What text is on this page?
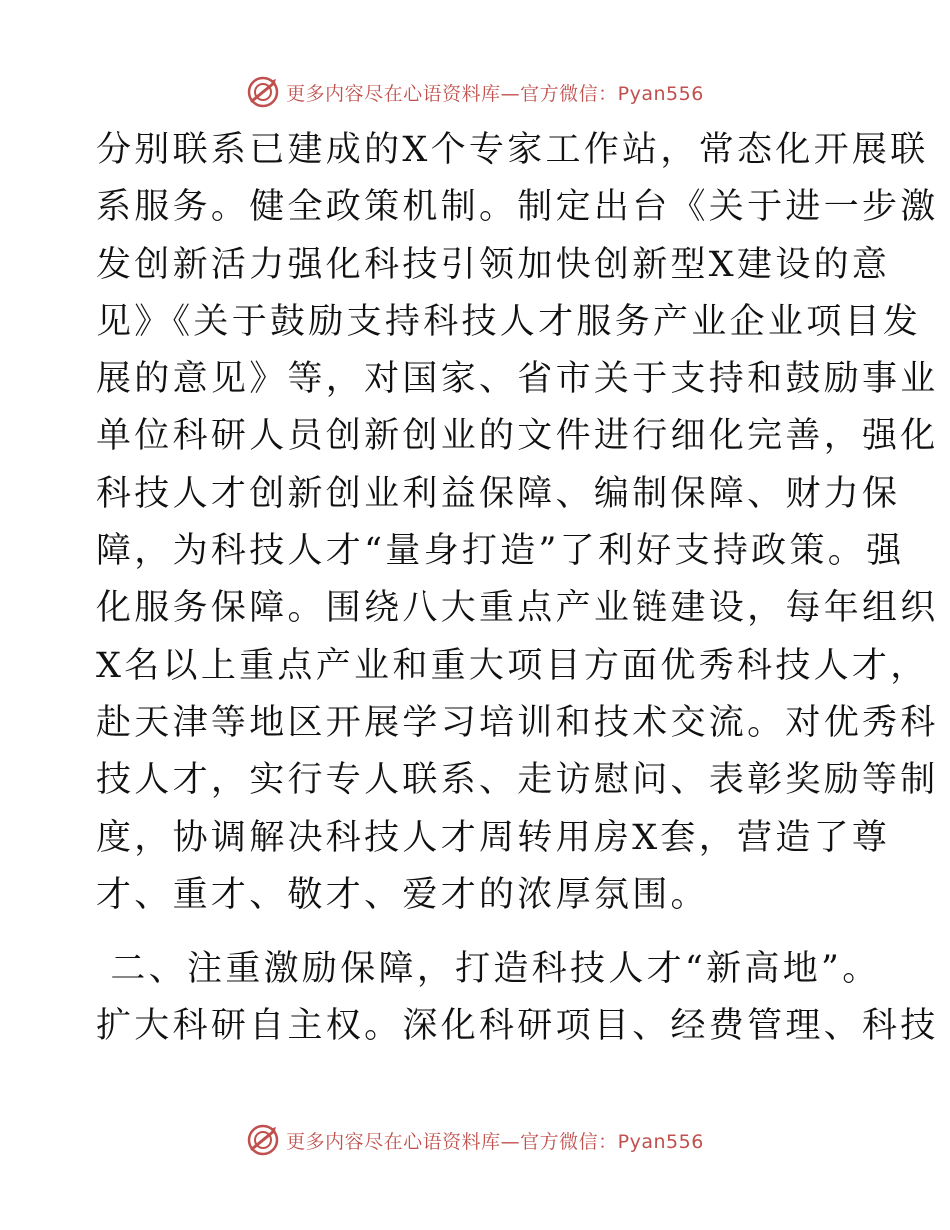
更多内容尽在心语资料库—官方微信：Pyan556
分别联系已建成的X个专家工作站，常态化开展联
系服务。健全政策机制。制定出台《关于进一步激
发创新活力强化科技引领加快创新型X建设的意
见》《关于鼓励支持科技人才服务产业企业项目发
展的意见》等，对国家、省市关于支持和鼓励事业
单位科研人员创新创业的文件进行细化完善，强化
科技人才创新创业利益保障、编制保障、财力保
障，为科技人才“量身打造”了利好支持政策。强
化服务保障。围绕八大重点产业链建设，每年组织
X名以上重点产业和重大项目方面优秀科技人才，
赴天津等地区开展学习培训和技术交流。对优秀科
技人才，实行专人联系、走访慰问、表彰奖励等制
度，协调解决科技人才周转用房X套，营造了尊
才、重才、敬才、爱才的浓厚氛围。
二、注重激励保障，打造科技人才“新高地”。
扩大科研自主权。深化科研项目、经费管理、科技
更多内容尽在心语资料库—官方微信：Pyan556
